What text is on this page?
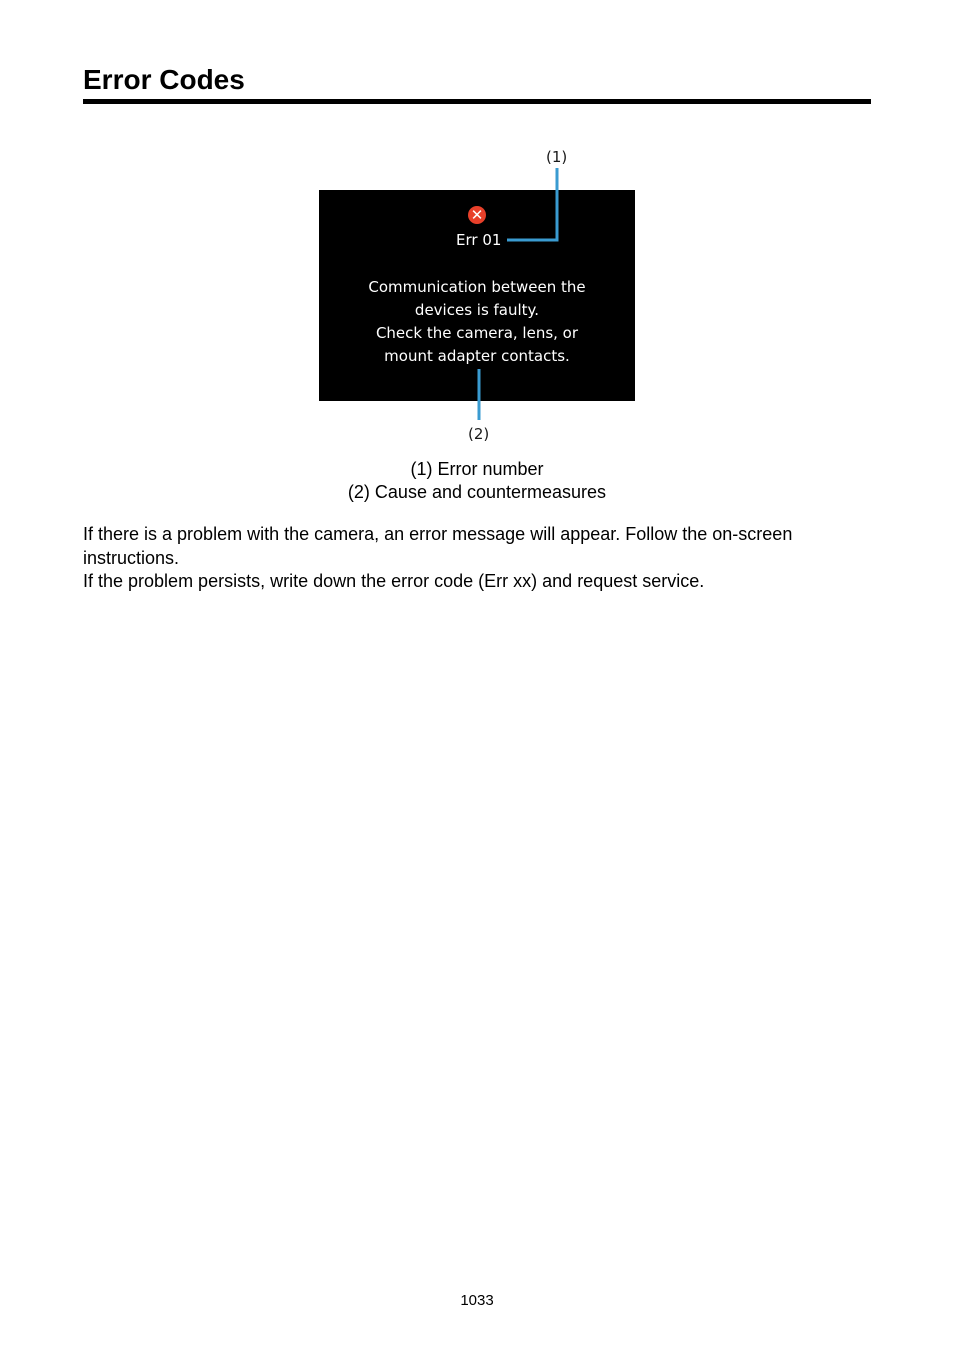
Error Codes
✕
Err 01
Communication between the
devices is faulty.
Check the camera, lens, or
mount adapter contacts.
(1)
(2)
(1) Error number
(2) Cause and countermeasures
If there is a problem with the camera, an error message will appear. Follow the on-screen instructions.
If the problem persists, write down the error code (Err xx) and request service.
1033
